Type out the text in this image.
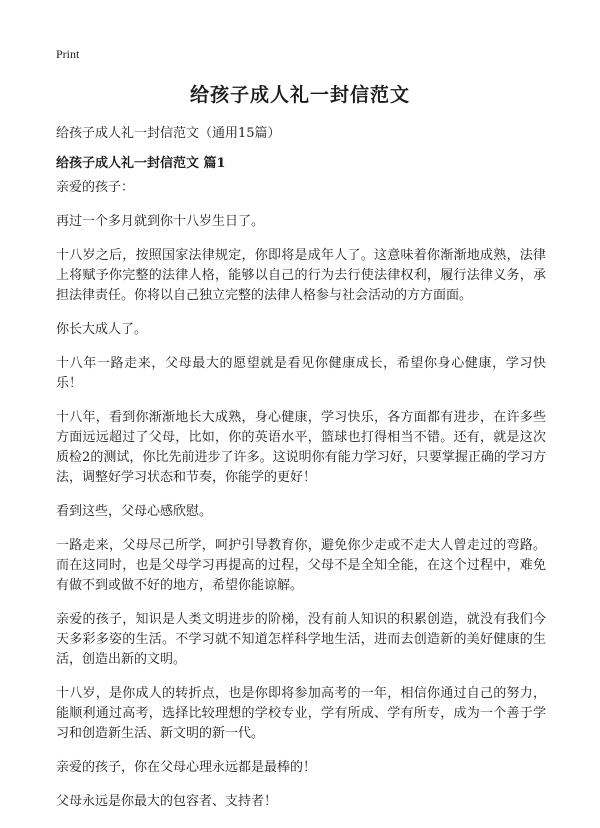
Print
给孩子成人礼一封信范文
给孩子成人礼一封信范文（通用15篇）
给孩子成人礼一封信范文 篇1

亲爱的孩子：

再过一个多月就到你十八岁生日了。

十八岁之后，按照国家法律规定，你即将是成年人了。这意味着你渐渐地成熟，法律上将赋予你完整的法律人格，能够以自己的行为去行使法律权利，履行法律义务，承担法律责任。你将以自己独立完整的法律人格参与社会活动的方方面面。

你长大成人了。

十八年一路走来，父母最大的愿望就是看见你健康成长，希望你身心健康，学习快乐！

十八年，看到你渐渐地长大成熟，身心健康，学习快乐，各方面都有进步，在许多些方面远远超过了父母，比如，你的英语水平，篮球也打得相当不错。还有，就是这次质检2的测试，你比先前进步了许多。这说明你有能力学习好，只要掌握正确的学习方法，调整好学习状态和节奏，你能学的更好！

看到这些，父母心感欣慰。

一路走来，父母尽己所学，呵护引导教育你，避免你少走或不走大人曾走过的弯路。而在这同时，也是父母学习再提高的过程，父母不是全知全能，在这个过程中，难免有做不到或做不好的地方，希望你能谅解。

亲爱的孩子，知识是人类文明进步的阶梯，没有前人知识的积累创造，就没有我们今天多彩多姿的生活。不学习就不知道怎样科学地生活，进而去创造新的美好健康的生活，创造出新的文明。

十八岁，是你成人的转折点，也是你即将参加高考的一年，相信你通过自己的努力，能顺利通过高考，选择比较理想的学校专业，学有所成、学有所专，成为一个善于学习和创造新生活、新文明的新一代。

亲爱的孩子，你在父母心理永远都是最棒的！

父母永远是你最大的包容者、支持者！
